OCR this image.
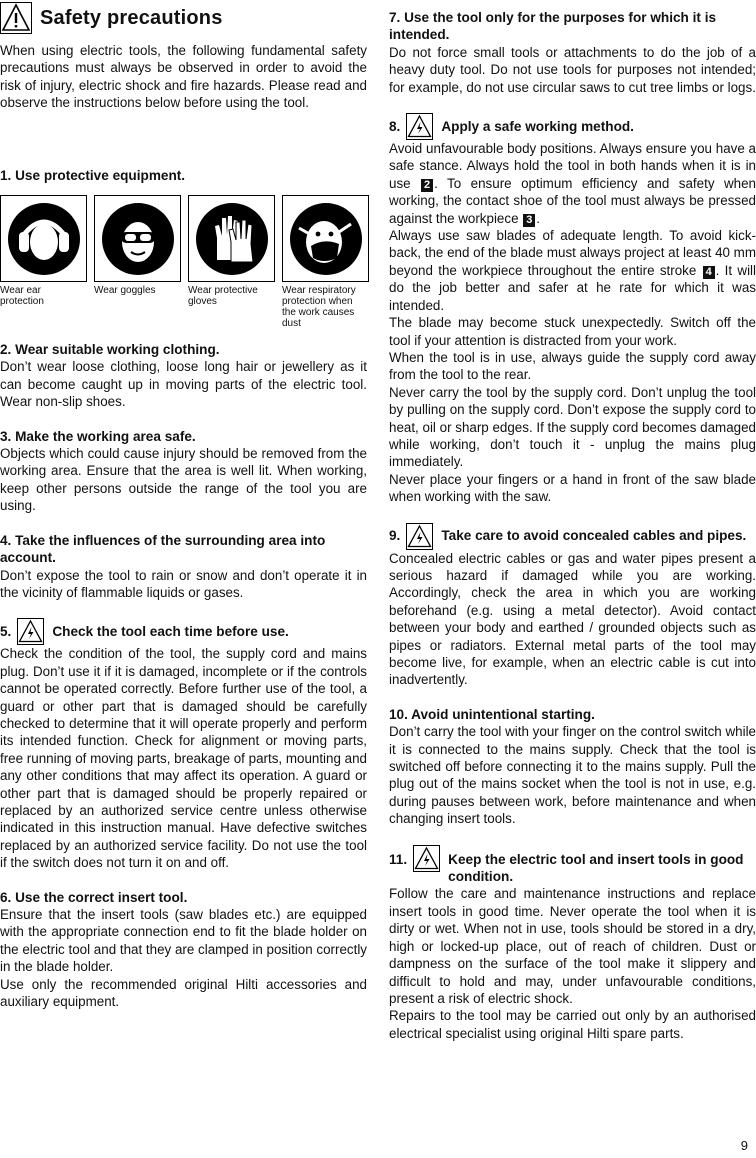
Safety precautions

When using electric tools, the following fundamental safety precautions must always be observed in order to avoid the risk of injury, electric shock and fire hazards. Please read and observe the instructions below before using the tool.

1. Use protective equipment.
Wear ear protection
Wear goggles	Wear protective gloves
Wear respiratory protection when the work causes dust
2. Wear suitable working clothing.

Don’t wear loose clothing, loose long hair or jewellery as it can become caught up in moving parts of the electric tool. Wear non-slip shoes.

3. Make the working area safe.

Objects which could cause injury should be removed from the working area. Ensure that the area is well lit. When working, keep other persons outside the range of the tool you are using.

4. Take the influences of the surrounding area into account.

Don’t expose the tool to rain or snow and don’t operate it in the vicinity of flammable liquids or gases.

5.	Check the tool each time before use.

Check the condition of the tool, the supply cord and mains plug. Don’t use it if it is damaged, incomplete or if the controls cannot be operated correctly. Before further use of the tool, a guard or other part that is damaged should be carefully checked to determine that it will operate properly and perform its intended function. Check for alignment or moving parts, free running of moving parts, breakage of parts, mounting and any other conditions that may affect its operation. A guard or other part that is damaged should be properly repaired or replaced by an authorized service centre unless otherwise indicated in this instruction manual. Have defective switches replaced by an authorized service facility. Do not use the tool if the switch does not turn it on and off.

6. Use the correct insert tool.

Ensure that the insert tools (saw blades etc.) are equipped with the appropriate connection end to fit the blade holder on the electric tool and that they are clamped in position correctly in the blade holder.

Use only the recommended original Hilti accessories and auxiliary equipment.

7. Use the tool only for the purposes for which it is intended.

Do not force small tools or attachments to do the job of a heavy duty tool. Do not use tools for purposes not intended; for example, do not use circular saws to cut tree limbs or logs.

8.	Apply a safe working method.

Avoid unfavourable body positions. Always ensure you have a safe stance. Always hold the tool in both hands when it is in use 2 . To ensure optimum efficiency and safety when working, the contact shoe of the tool must always be pressed against the workpiece 3 .

Always use saw blades of adequate length. To avoid kick-back, the end of the blade must always project at least 40 mm beyond the workpiece throughout the entire stroke 4 . It will do the job better and safer at he rate for which it was intended.

The blade may become stuck unexpectedly. Switch off the tool if your attention is distracted from your work.

When the tool is in use, always guide the supply cord away from the tool to the rear.

Never carry the tool by the supply cord. Don’t unplug the tool by pulling on the supply cord. Don’t expose the supply cord to heat, oil or sharp edges. If the supply cord becomes damaged while working, don’t touch it - unplug the mains plug immediately.

Never place your fingers or a hand in front of the saw blade when working with the saw.

9.	Take care to avoid concealed cables and pipes.

Concealed electric cables or gas and water pipes present a serious hazard if damaged while you are working. Accordingly, check the area in which you are working beforehand (e.g. using a metal detector). Avoid contact between your body and earthed / grounded objects such as pipes or radiators. External metal parts of the tool may become live, for example, when an electric cable is cut into inadvertently.

10. Avoid unintentional starting.

Don’t carry the tool with your finger on the control switch while it is connected to the mains supply. Check that the tool is switched off before connecting it to the mains supply. Pull the plug out of the mains socket when the tool is not in use, e.g. during pauses between work, before maintenance and when changing insert tools.

11.	Keep the electric tool and insert tools in good condition.

Follow the care and maintenance instructions and replace insert tools in good time. Never operate the tool when it is dirty or wet. When not in use, tools should be stored in a dry, high or locked-up place, out of reach of children. Dust or dampness on the surface of the tool make it slippery and difficult to hold and may, under unfavourable conditions, present a risk of electric shock.

Repairs to the tool may be carried out only by an authorised electrical specialist using original Hilti spare parts.

9
